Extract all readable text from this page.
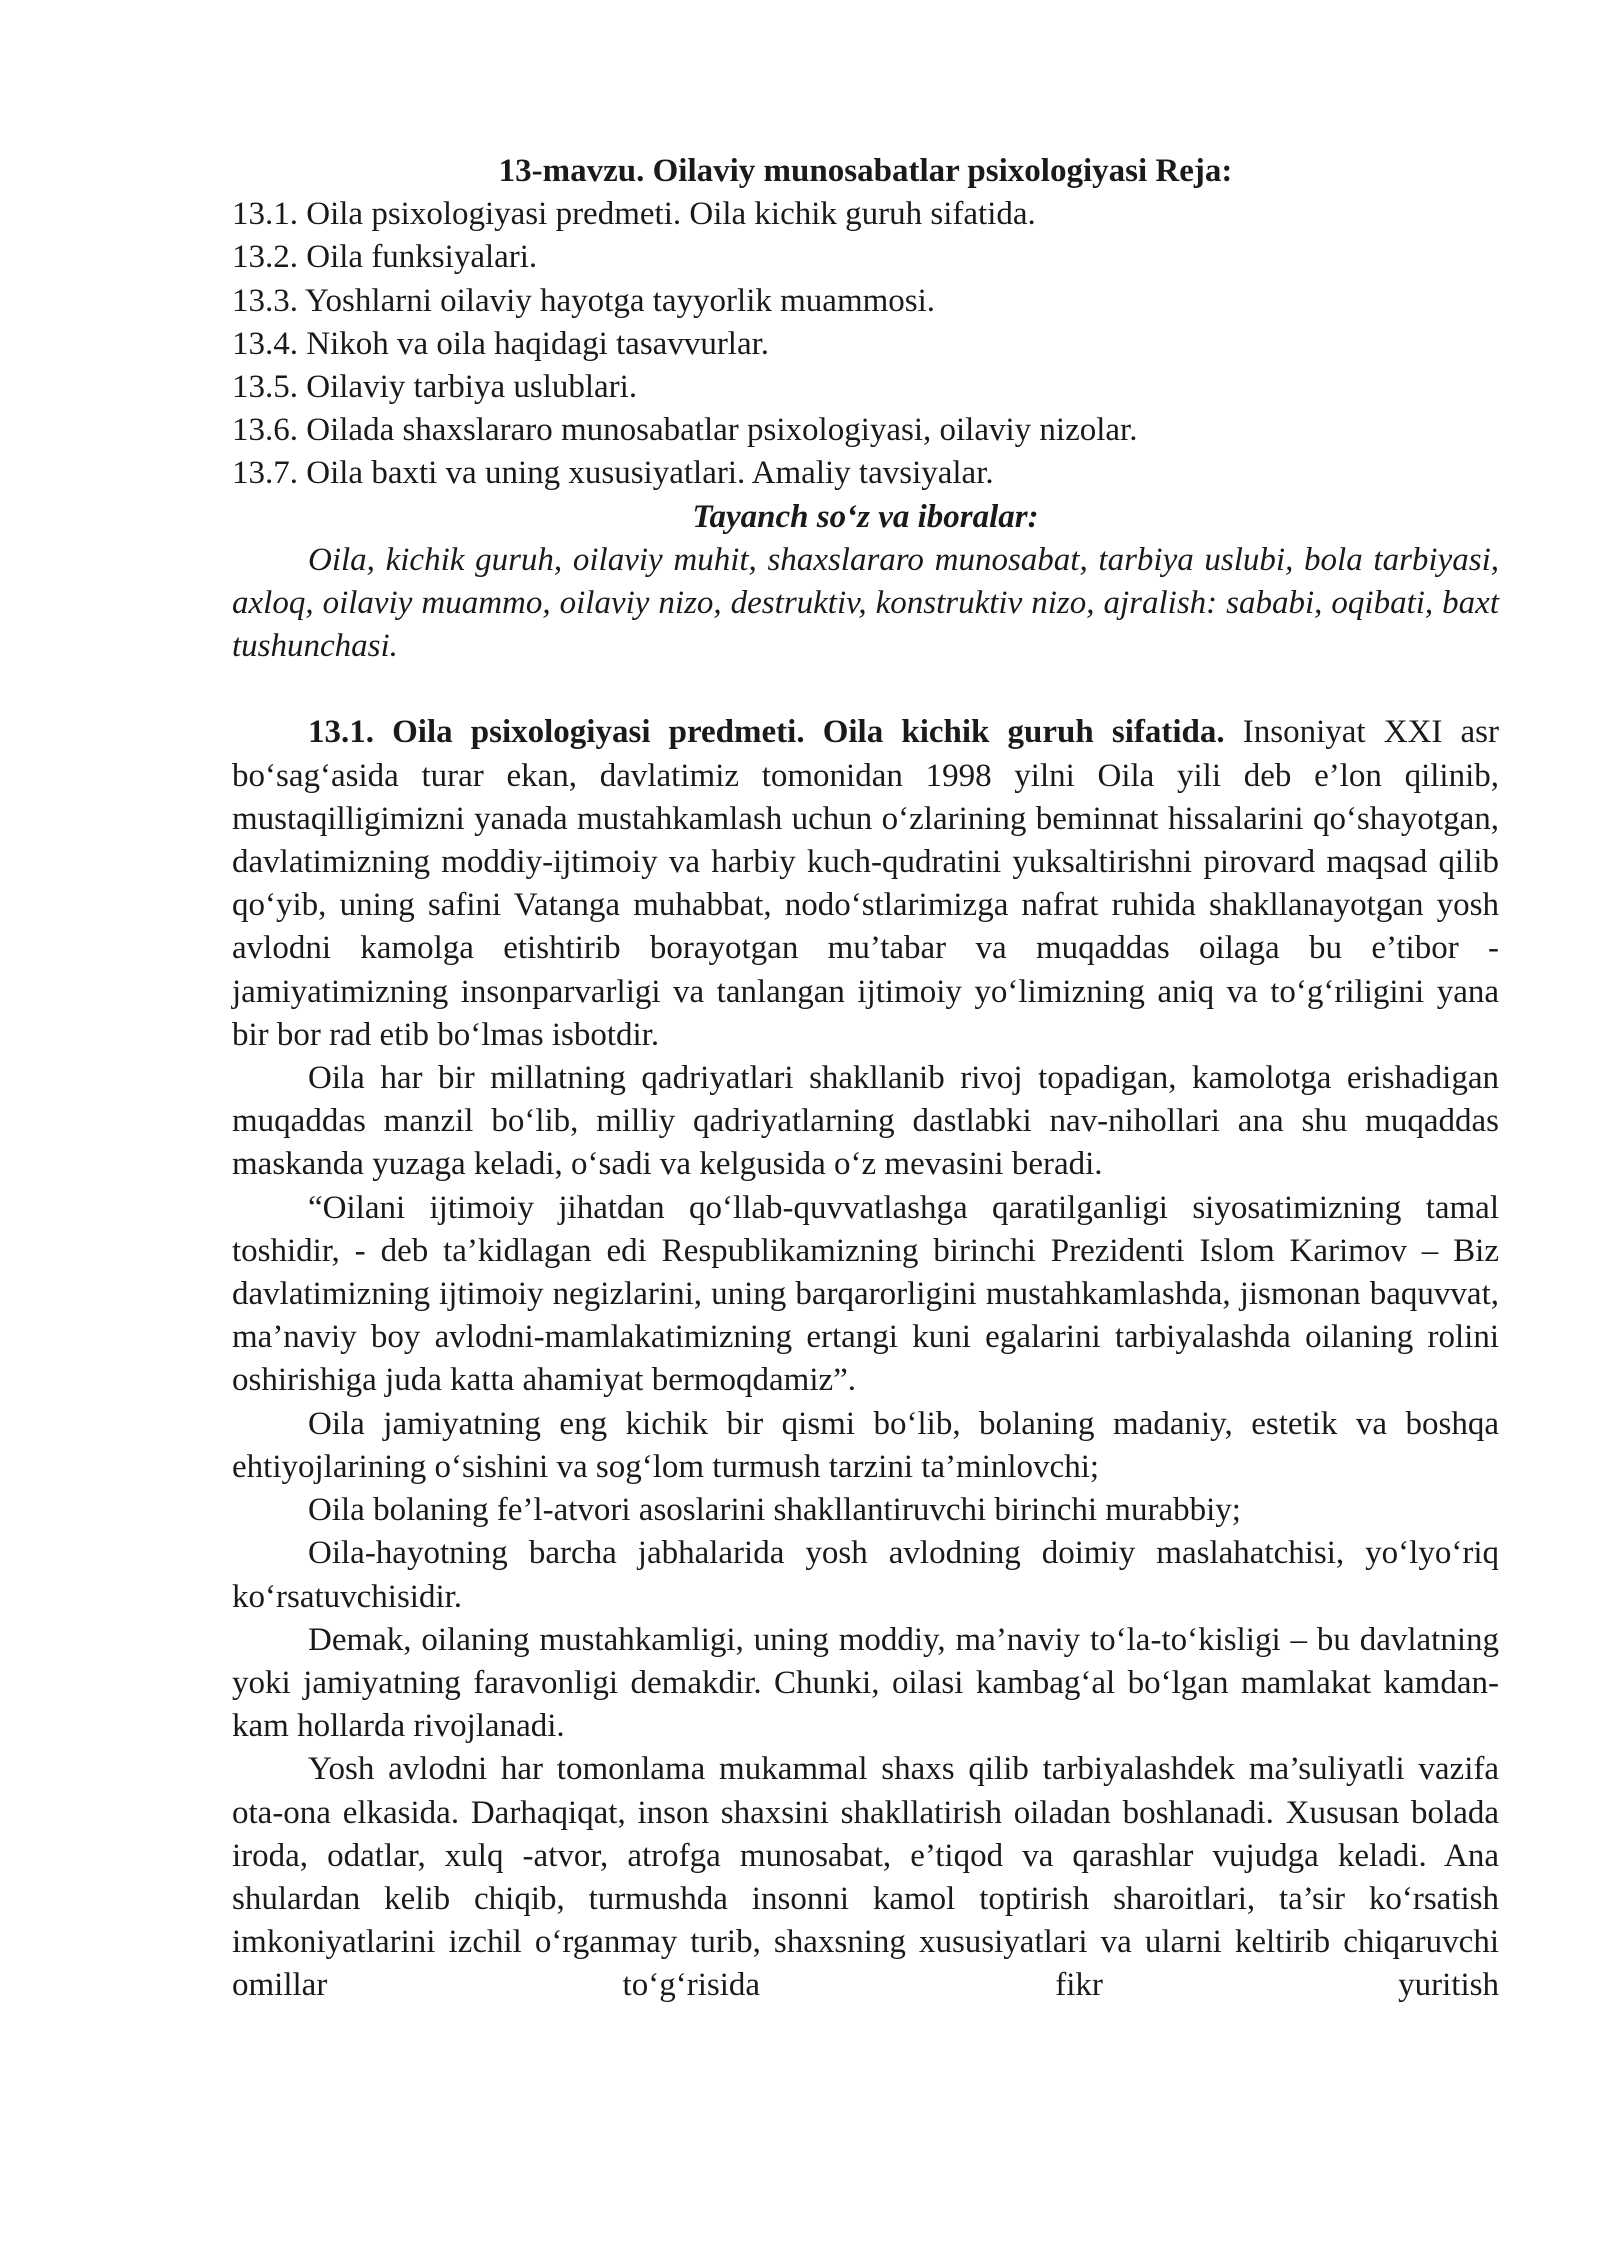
13-mavzu. Oilaviy munosabatlar psixologiyasi Reja:

13.1. Oila psixologiyasi predmeti. Oila kichik guruh sifatida.

13.2. Oila funksiyalari.

13.3. Yoshlarni oilaviy hayotga tayyorlik muammosi.

13.4. Nikoh va oila haqidagi tasavvurlar.

13.5. Oilaviy tarbiya uslublari.

13.6. Oilada shaxslararo munosabatlar psixologiyasi, oilaviy nizolar.

13.7. Oila baxti va uning xususiyatlari. Amaliy tavsiyalar.

Tayanch so‘z va iboralar:

Oila, kichik guruh, oilaviy muhit, shaxslararo munosabat, tarbiya uslubi, bola tarbiyasi, axloq, oilaviy muammo, oilaviy nizo, destruktiv, konstruktiv nizo, ajralish: sababi, oqibati, baxt tushunchasi.

13.1. Oila psixologiyasi predmeti. Oila kichik guruh sifatida. Insoniyat XXI asr bo‘sag‘asida turar ekan, davlatimiz tomonidan 1998 yilni Oila yili deb e’lon qilinib, mustaqilligimizni yanada mustahkamlash uchun o‘zlarining beminnat hissalarini qo‘shayotgan, davlatimizning moddiy-ijtimoiy va harbiy kuch-qudratini yuksaltirishni pirovard maqsad qilib qo‘yib, uning safini Vatanga muhabbat, nodo‘stlarimizga nafrat ruhida shakllanayotgan yosh avlodni kamolga etishtirib borayotgan mu’tabar va muqaddas oilaga bu e’tibor - jamiyatimizning insonparvarligi va tanlangan ijtimoiy yo‘limizning aniq va to‘g‘riligini yana bir bor rad etib bo‘lmas isbotdir.

Oila har bir millatning qadriyatlari shakllanib rivoj topadigan, kamolotga erishadigan muqaddas manzil bo‘lib, milliy qadriyatlarning dastlabki nav-nihollari ana shu muqaddas maskanda yuzaga keladi, o‘sadi va kelgusida o‘z mevasini beradi.

“Oilani ijtimoiy jihatdan qo‘llab-quvvatlashga qaratilganligi siyosatimizning tamal toshidir, - deb ta’kidlagan edi Respublikamizning birinchi Prezidenti Islom Karimov – Biz davlatimizning ijtimoiy negizlarini, uning barqarorligini mustahkamlashda, jismonan baquvvat, ma’naviy boy avlodni-mamlakatimizning ertangi kuni egalarini tarbiyalashda oilaning rolini oshirishiga juda katta ahamiyat bermoqdamiz”.

Oila jamiyatning eng kichik bir qismi bo‘lib, bolaning madaniy, estetik va boshqa ehtiyojlarining o‘sishini va sog‘lom turmush tarzini ta’minlovchi;

Oila bolaning fe’l-atvori asoslarini shakllantiruvchi birinchi murabbiy;

Oila-hayotning barcha jabhalarida yosh avlodning doimiy maslahatchisi, yo‘lyo‘riq ko‘rsatuvchisidir.

Demak, oilaning mustahkamligi, uning moddiy, ma’naviy to‘la-to‘kisligi – bu davlatning yoki jamiyatning faravonligi demakdir. Chunki, oilasi kambag‘al bo‘lgan mamlakat kamdan-kam hollarda rivojlanadi.

Yosh avlodni har tomonlama mukammal shaxs qilib tarbiyalashdek ma’suliyatli vazifa ota-ona elkasida. Darhaqiqat, inson shaxsini shakllatirish oiladan boshlanadi. Xususan bolada iroda, odatlar, xulq -atvor, atrofga munosabat, e’tiqod va qarashlar vujudga keladi. Ana shulardan kelib chiqib, turmushda insonni kamol toptirish sharoitlari, ta’sir ko‘rsatish imkoniyatlarini izchil o‘rganmay turib, shaxsning xususiyatlari va ularni keltirib chiqaruvchi omillar to‘g‘risida fikr yuritish
